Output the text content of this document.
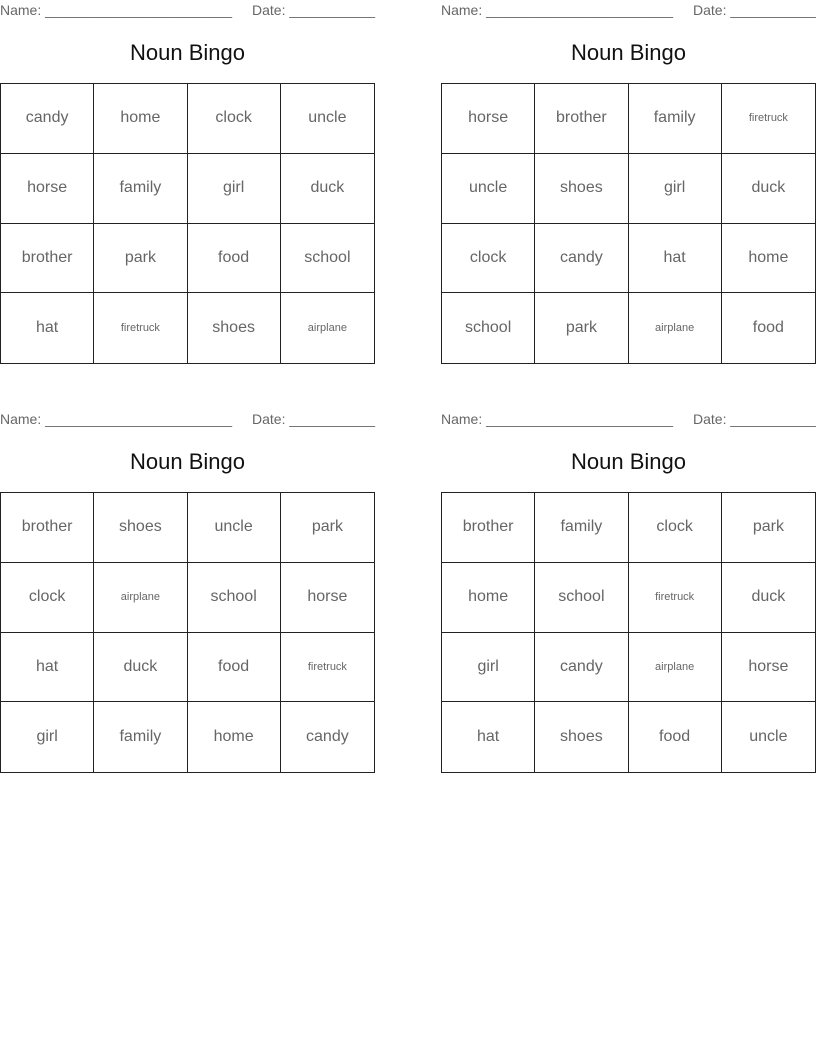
Name: ________________________ Date: ___________
Noun Bingo
candy	home	clock	uncle
horse	family	girl	duck
brother	park	food	school
hat	firetruck	shoes	airplane
Name: ________________________ Date: ___________
Noun Bingo
horse	brother	family	firetruck
uncle	shoes	girl	duck
clock	candy	hat	home
school	park	airplane	food
Name: ________________________ Date: ___________
Noun Bingo
brother	shoes	uncle	park
clock	airplane	school	horse
hat	duck	food	firetruck
girl	family	home	candy
Name: ________________________ Date: ___________
Noun Bingo
brother	family	clock	park
home	school	firetruck	duck
girl	candy	airplane	horse
hat	shoes	food	uncle
